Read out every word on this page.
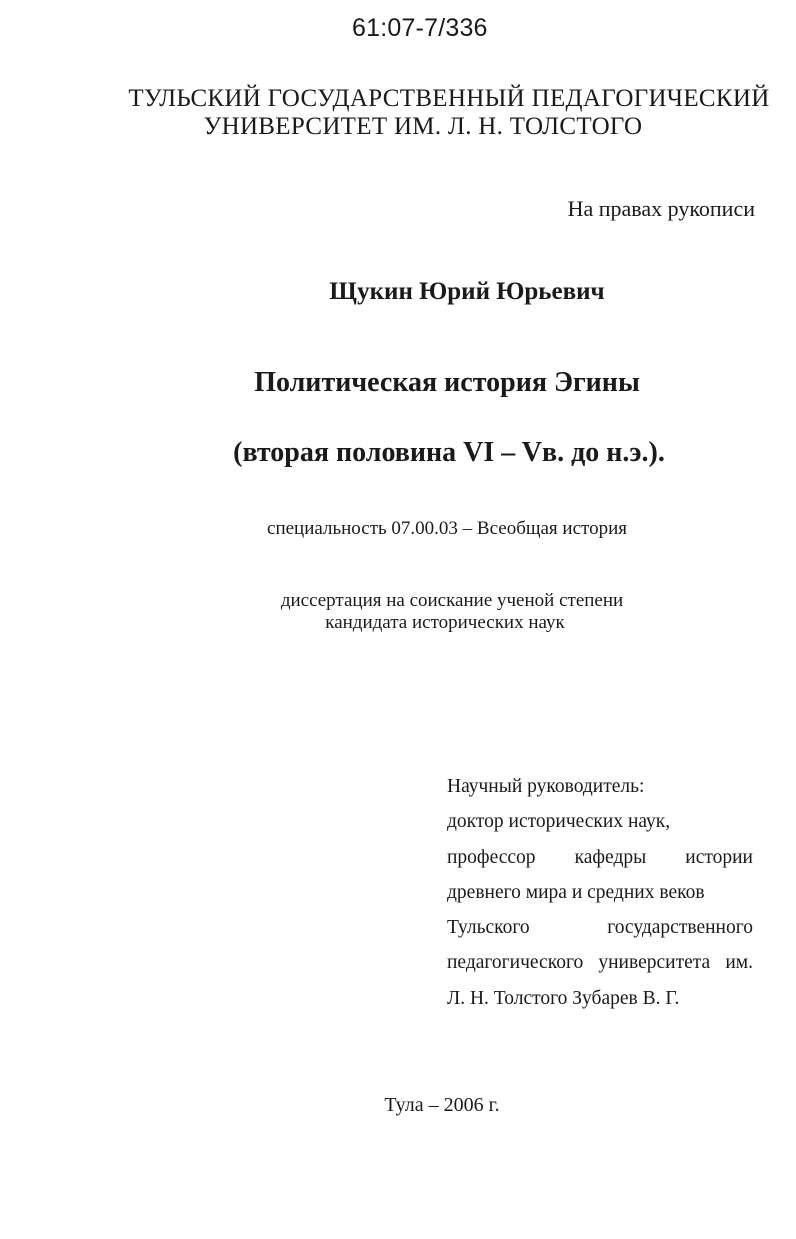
61:07-7/336

ТУЛЬСКИЙ ГОСУДАРСТВЕННЫЙ ПЕДАГОГИЧЕСКИЙ

УНИВЕРСИТЕТ ИМ. Л. Н. ТОЛСТОГО

На правах рукописи

Щукин Юрий Юрьевич

Политическая история Эгины

(вторая половина VI – Vв. до н.э.).

специальность 07.00.03 – Всеобщая история

диссертация на соискание ученой степени

кандидата исторических наук

Научный руководитель:
доктор исторических наук,
профессор кафедры истории
древнего мира и средних веков
Тульского	государственного
педагогического университета им.
Л. Н. Толстого Зубарев В. Г.

Тула – 2006 г.
